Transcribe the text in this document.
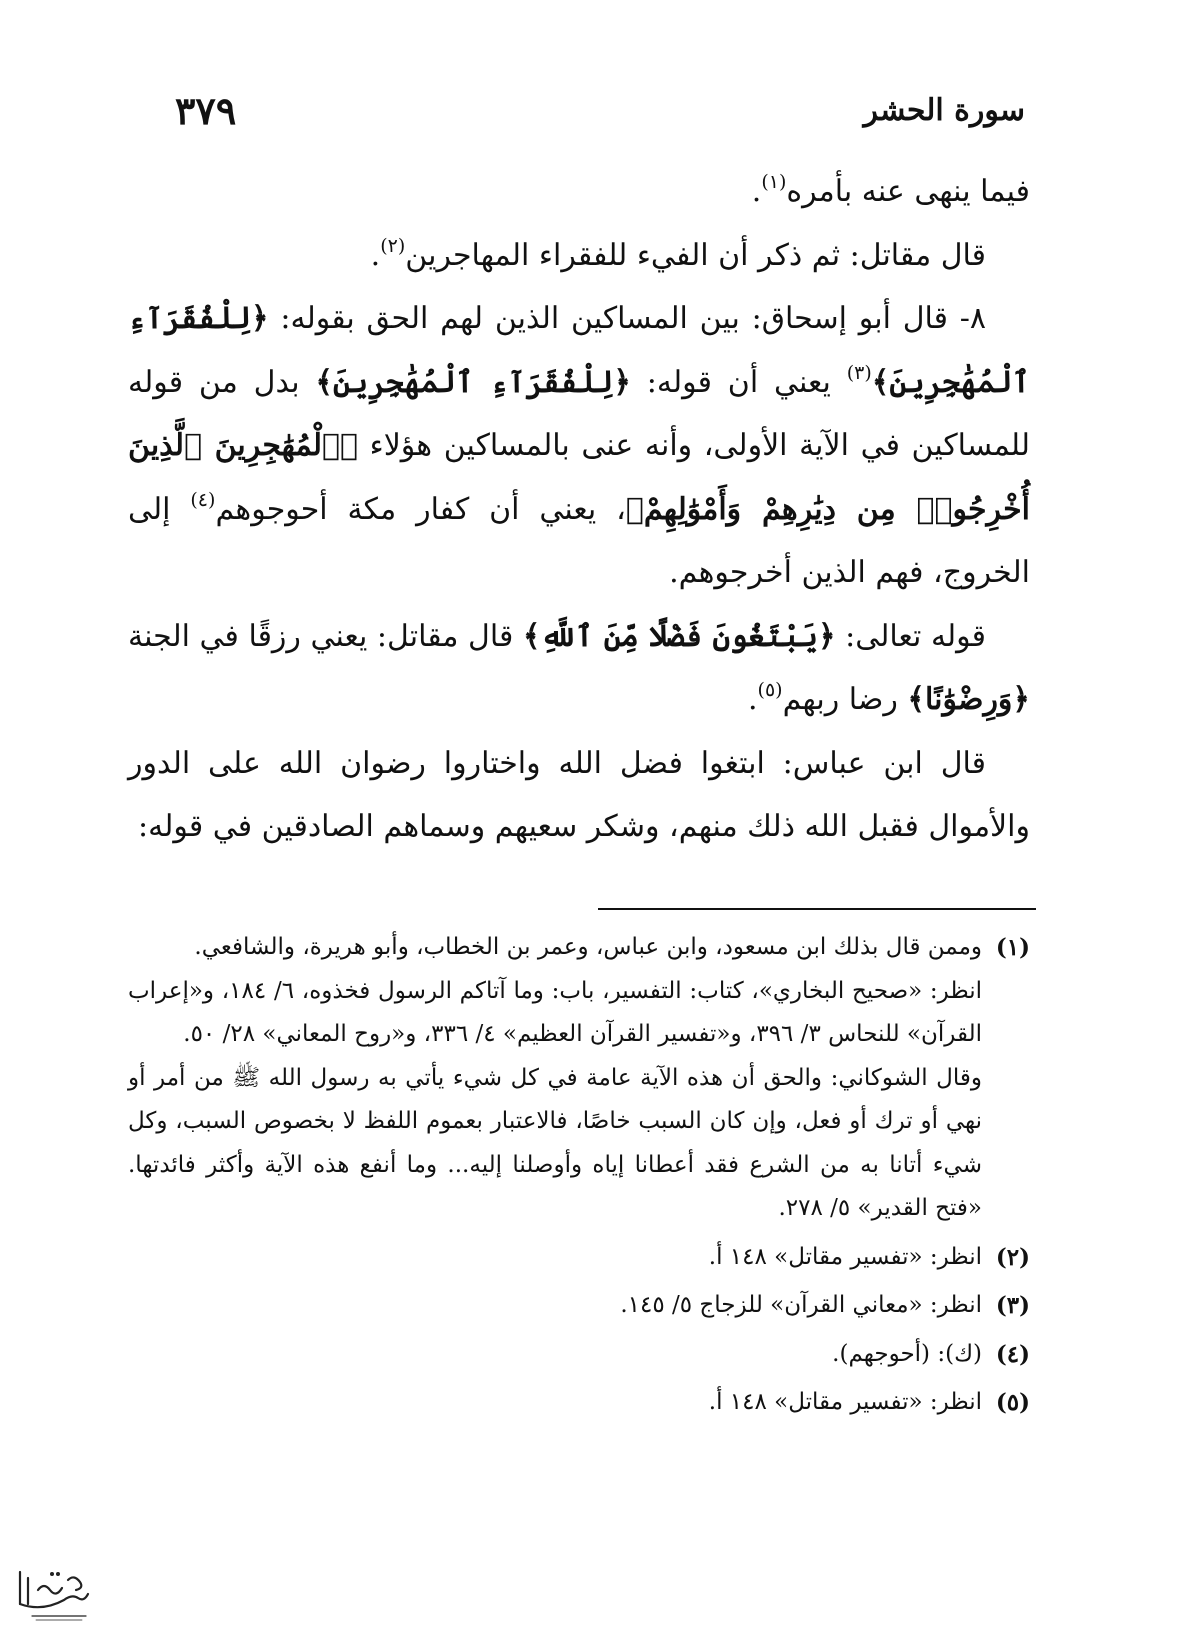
سورة الحشر
٣٧٩

فيما ينهى عنه بأمره$^{(١)}$.

قال مقاتل: ثم ذكر أن الفيء للفقراء المهاجرين$^{(٢)}$.

٨- قال أبو إسحاق: بين المساكين الذين لهم الحق بقوله: ﴿لِلْفُقَرَآءِ ٱلْمُهَٰجِرِينَ﴾$^{(٣)}$ يعني أن قوله: ﴿لِلْفُقَرَآءِ ٱلْمُهَٰجِرِينَ﴾ بدل من قوله للمساكين في الآية الأولى، وأنه عنى بالمساكين هؤلاء ﴿ٱلْمُهَٰجِرِينَ ٱلَّذِينَ أُخْرِجُوا۟ مِن دِيَٰرِهِمْ وَأَمْوَٰلِهِمْ﴾، يعني أن كفار مكة أحوجوهم$^{(٤)}$ إلى الخروج، فهم الذين أخرجوهم.

قوله تعالى: ﴿يَبْتَغُونَ فَضْلًا مِّنَ ٱللَّهِ﴾ قال مقاتل: يعني رزقًا في الجنة ﴿وَرِضْوَٰنًا﴾ رضا ربهم$^{(٥)}$.

قال ابن عباس: ابتغوا فضل الله واختاروا رضوان الله على الدور والأموال فقبل الله ذلك منهم، وشكر سعيهم وسماهم الصادقين في قوله:

(١)

وممن قال بذلك ابن مسعود، وابن عباس، وعمر بن الخطاب، وأبو هريرة، والشافعي.

انظر: «صحيح البخاري»، كتاب: التفسير، باب: وما آتاكم الرسول فخذوه، ٦/ ١٨٤، و«إعراب القرآن» للنحاس ٣/ ٣٩٦، و«تفسير القرآن العظيم» ٤/ ٣٣٦، و«روح المعاني» ٢٨/ ٥٠.

وقال الشوكاني: والحق أن هذه الآية عامة في كل شيء يأتي به رسول الله ﷺ من أمر أو نهي أو ترك أو فعل، وإن كان السبب خاصًا، فالاعتبار بعموم اللفظ لا بخصوص السبب، وكل شيء أتانا به من الشرع فقد أعطانا إياه وأوصلنا إليه... وما أنفع هذه الآية وأكثر فائدتها. «فتح القدير» ٥/ ٢٧٨.

(٢)

انظر: «تفسير مقاتل» ١٤٨ أ.

(٣)

انظر: «معاني القرآن» للزجاج ٥/ ١٤٥.

(٤)

(ك): (أحوجهم).

(٥)

انظر: «تفسير مقاتل» ١٤٨ أ.
